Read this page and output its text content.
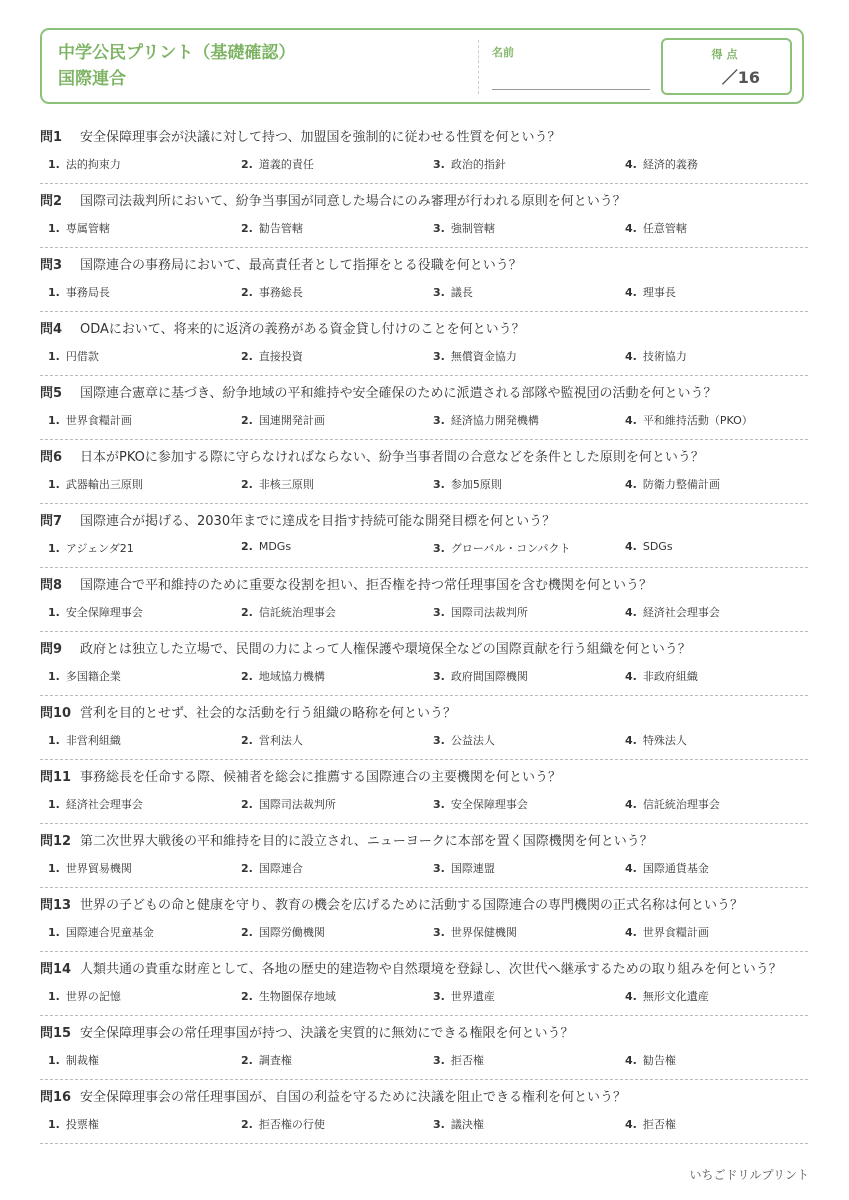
中学公民プリント（基礎確認）
国際連合
名前	得点
／16
問1 安全保障理事会が決議に対して持つ、加盟国を強制的に従わせる性質を何という？
1. 法的拘束力	2. 道義的責任	3. 政治的指針	4. 経済的義務
問2 国際司法裁判所において、紛争当事国が同意した場合にのみ審理が行われる原則を何という？
1. 専属管轄	2. 勧告管轄	3. 強制管轄	4. 任意管轄
問3 国際連合の事務局において、最高責任者として指揮をとる役職を何という？
1. 事務局長	2. 事務総長	3. 議長	4. 理事長
問4 ODAにおいて、将来的に返済の義務がある資金貸し付けのことを何という？
1. 円借款	2. 直接投資	3. 無償資金協力	4. 技術協力
問5 国際連合憲章に基づき、紛争地域の平和維持や安全確保のために派遣される部隊や監視団の活動を何という？
1. 世界食糧計画	2. 国連開発計画	3. 経済協力開発機構	4. 平和維持活動（PKO）
問6 日本がPKOに参加する際に守らなければならない、紛争当事者間の合意などを条件とした原則を何という？
1. 武器輸出三原則	2. 非核三原則	3. 参加5原則	4. 防衛力整備計画
問7 国際連合が掲げる、2030年までに達成を目指す持続可能な開発目標を何という？
1. アジェンダ21	2. MDGs	3. グローバル・コンパクト	4. SDGs
問8 国際連合で平和維持のために重要な役割を担い、拒否権を持つ常任理事国を含む機関を何という？
1. 安全保障理事会	2. 信託統治理事会	3. 国際司法裁判所	4. 経済社会理事会
問9 政府とは独立した立場で、民間の力によって人権保護や環境保全などの国際貢献を行う組織を何という？
1. 多国籍企業	2. 地域協力機構	3. 政府間国際機関	4. 非政府組織
問10 営利を目的とせず、社会的な活動を行う組織の略称を何という？
1. 非営利組織	2. 営利法人	3. 公益法人	4. 特殊法人
問11 事務総長を任命する際、候補者を総会に推薦する国際連合の主要機関を何という？
1. 経済社会理事会	2. 国際司法裁判所	3. 安全保障理事会	4. 信託統治理事会
問12 第二次世界大戦後の平和維持を目的に設立され、ニューヨークに本部を置く国際機関を何という？
1. 世界貿易機関	2. 国際連合	3. 国際連盟	4. 国際通貨基金
問13 世界の子どもの命と健康を守り、教育の機会を広げるために活動する国際連合の専門機関の正式名称は何という？
1. 国際連合児童基金	2. 国際労働機関	3. 世界保健機関	4. 世界食糧計画
問14 人類共通の貴重な財産として、各地の歴史的建造物や自然環境を登録し、次世代へ継承するための取り組みを何という？
1. 世界の記憶	2. 生物圏保存地域	3. 世界遺産	4. 無形文化遺産
問15 安全保障理事会の常任理事国が持つ、決議を実質的に無効にできる権限を何という？
1. 制裁権	2. 調査権	3. 拒否権	4. 勧告権
問16 安全保障理事会の常任理事国が、自国の利益を守るために決議を阻止できる権利を何という？
1. 投票権	2. 拒否権の行使	3. 議決権	4. 拒否権
いちごドリルプリント
